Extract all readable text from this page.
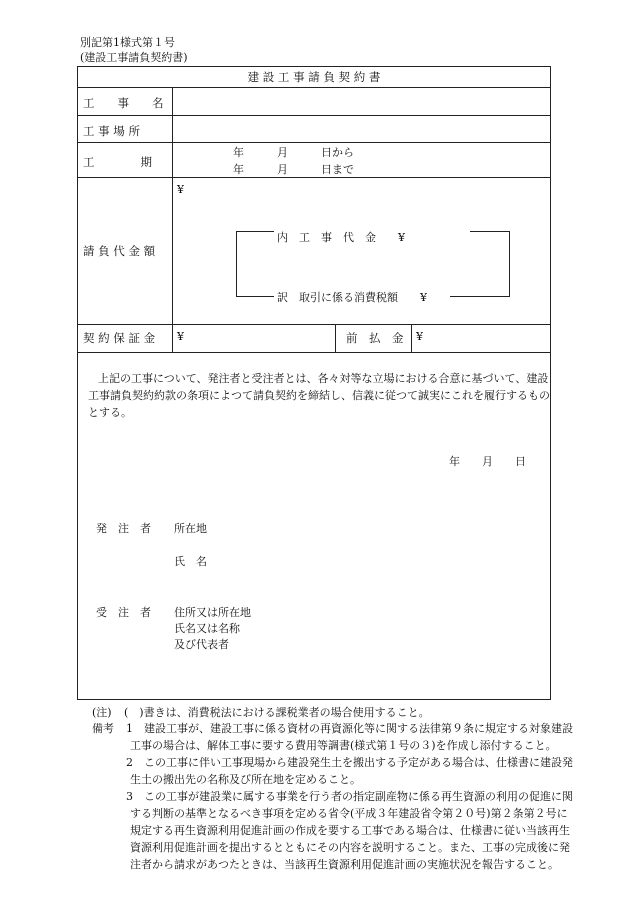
別記第1様式第１号
(建設工事請負契約書)
建 設 工 事 請 負 契 約 書
工　　事　　名
工 事 場 所
工　　　　期
年　　　月　　　日から
年　　　月　　　日まで
請 負 代 金 額
¥
内　工　事　代　金　　¥
訳　取引に係る消費税額　　¥
契 約 保 証 金 ¥	前　払　金 ¥
上記の工事について、発注者と受注者とは、各々対等な立場における合意に基づいて、建設
工事請負契約約款の条項によつて請負契約を締結し、信義に従つて誠実にこれを履行するもの
とする。
年　　月　　日
発　注　者 所在地
氏　名
受　注　者 住所又は所在地
氏名又は名称
及び代表者
(注) (　)書きは、消費税法における課税業者の場合使用すること。
備考 1 建設工事が、建設工事に係る資材の再資源化等に関する法律第９条に規定する対象建設
工事の場合は、解体工事に要する費用等調書(様式第１号の３)を作成し添付すること。
2 この工事に伴い工事現場から建設発生土を搬出する予定がある場合は、仕様書に建設発
生土の搬出先の名称及び所在地を定めること。
3 この工事が建設業に属する事業を行う者の指定副産物に係る再生資源の利用の促進に関
する判断の基準となるべき事項を定める省令(平成３年建設省令第２０号)第２条第２号に
規定する再生資源利用促進計画の作成を要する工事である場合は、仕様書に従い当該再生
資源利用促進計画を提出するとともにその内容を説明すること。また、工事の完成後に発
注者から請求があつたときは、当該再生資源利用促進計画の実施状況を報告すること。
